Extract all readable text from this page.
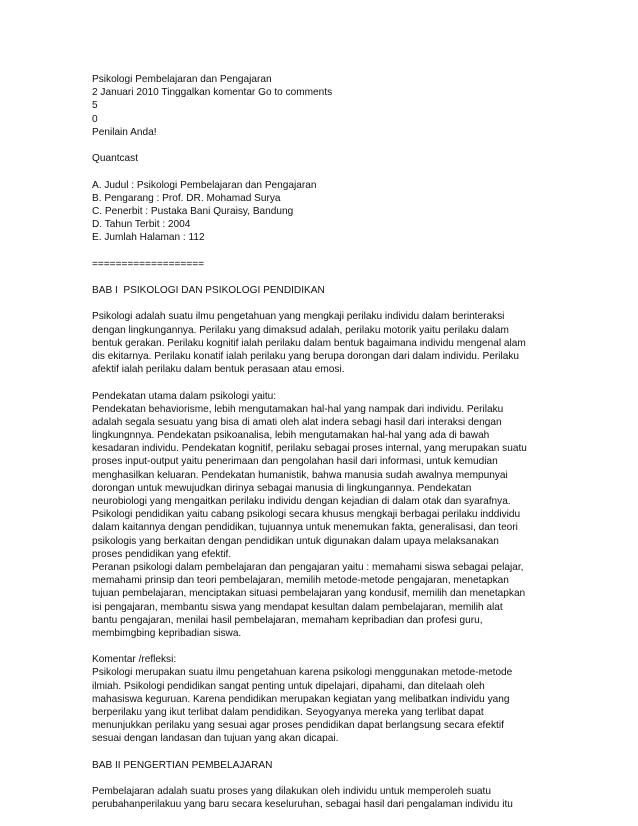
Psikologi Pembelajaran dan Pengajaran
2 Januari 2010 Tinggalkan komentar Go to comments
5
0
Penilain Anda!
Quantcast
A. Judul : Psikologi Pembelajaran dan Pengajaran
B. Pengarang : Prof. DR. Mohamad Surya
C. Penerbit : Pustaka Bani Quraisy, Bandung
D. Tahun Terbit : 2004
E. Jumlah Halaman : 112
===================
BAB I  PSIKOLOGI DAN PSIKOLOGI PENDIDIKAN
Psikologi adalah suatu ilmu pengetahuan yang mengkaji perilaku individu dalam berinteraksi
dengan lingkungannya. Perilaku yang dimaksud adalah, perilaku motorik yaitu perilaku dalam
bentuk gerakan. Perilaku kognitif ialah perilaku dalam bentuk bagaimana individu mengenal alam
dis ekitarnya. Perilaku konatif ialah perilaku yang berupa dorongan dari dalam individu. Perilaku
afektif ialah perilaku dalam bentuk perasaan atau emosi.
Pendekatan utama dalam psikologi yaitu:
Pendekatan behaviorisme, lebih mengutamakan hal-hal yang nampak dari individu. Perilaku
adalah segala sesuatu yang bisa di amati oleh alat indera sebagi hasil dari interaksi dengan
lingkungnnya. Pendekatan psikoanalisa, lebih mengutamakan hal-hal yang ada di bawah
kesadaran individu. Pendekatan kognitif, perilaku sebagai proses internal, yang merupakan suatu
proses input-output yaitu penerimaan dan pengolahan hasil dari informasi, untuk kemudian
menghasilkan keluaran. Pendekatan humanistik, bahwa manusia sudah awalnya mempunyai
dorongan untuk mewujudkan dirinya sebagai manusia di lingkungannya. Pendekatan
neurobiologi yang mengaitkan perilaku individu dengan kejadian di dalam otak dan syarafnya.
Psikologi pendidikan yaitu cabang psikologi secara khusus mengkaji berbagai perilaku inddividu
dalam kaitannya dengan pendidikan, tujuannya untuk menemukan fakta, generalisasi, dan teori
psikologis yang berkaitan dengan pendidikan untuk digunakan dalam upaya melaksanakan
proses pendidikan yang efektif.
Peranan psikologi dalam pembelajaran dan pengajaran yaitu : memahami siswa sebagai pelajar,
memahami prinsip dan teori pembelajaran, memilih metode-metode pengajaran, menetapkan
tujuan pembelajaran, menciptakan situasi pembelajaran yang kondusif, memilih dan menetapkan
isi pengajaran, membantu siswa yang mendapat kesultan dalam pembelajaran, memilih alat
bantu pengajaran, menilai hasil pembelajaran, memaham kepribadian dan profesi guru,
membimgbing kepribadian siswa.
Komentar /refleksi:
Psikologi merupakan suatu ilmu pengetahuan karena psikologi menggunakan metode-metode
ilmiah. Psikologi pendidikan sangat penting untuk dipelajari, dipahami, dan ditelaah oleh
mahasiswa keguruan. Karena pendidikan merupakan kegiatan yang melibatkan individu yang
berperilaku yang ikut terlibat dalam pendidikan. Seyogyanya mereka yang terlibat dapat
menunjukkan perilaku yang sesuai agar proses pendidikan dapat berlangsung secara efektif
sesuai dengan landasan dan tujuan yang akan dicapai.
BAB II PENGERTIAN PEMBELAJARAN
Pembelajaran adalah suatu proses yang dilakukan oleh individu untuk memperoleh suatu
perubahanperilakuu yang baru secara keseluruhan, sebagai hasil dari pengalaman individu itu
